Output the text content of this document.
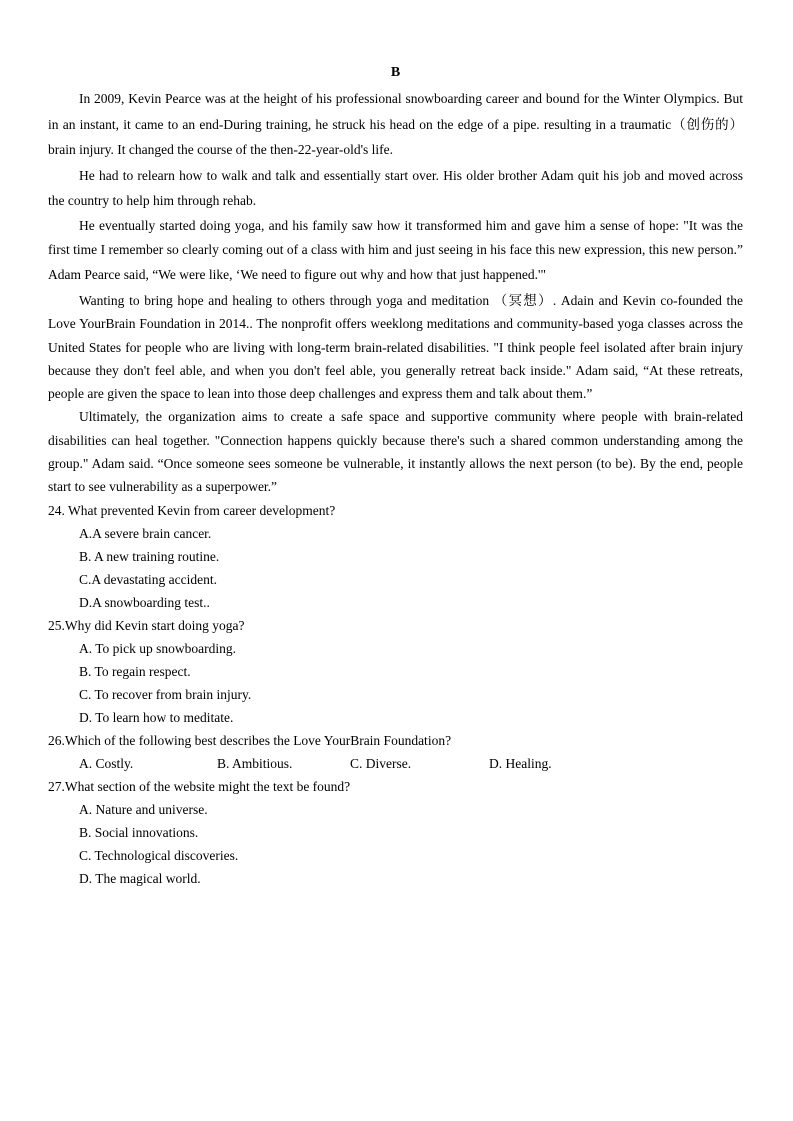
B

In 2009, Kevin Pearce was at the height of his professional snowboarding career and bound for the Winter Olympics. But in an instant, it came to an end-During training, he struck his head on the edge of a pipe. resulting in a traumatic（创伤的）brain injury. It changed the course of the then-22-year-old's life.

He had to relearn how to walk and talk and essentially start over. His older brother Adam quit his job and moved across the country to help him through rehab.

He eventually started doing yoga, and his family saw how it transformed him and gave him a sense of hope: "It was the first time I remember so clearly coming out of a class with him and just seeing in his face this new expression, this new person.” Adam Pearce said, “We were like, ‘We need to figure out why and how that just happened.'"

Wanting to bring hope and healing to others through yoga and meditation （冥想）. Adain and Kevin co-founded the Love YourBrain Foundation in 2014.. The nonprofit offers weeklong meditations and community-based yoga classes across the United States for people who are living with long-term brain-related disabilities. "I think people feel isolated after brain injury because they don't feel able, and when you don't feel able, you generally retreat back inside." Adam said, “At these retreats, people are given the space to lean into those deep challenges and express them and talk about them.”

Ultimately, the organization aims to create a safe space and supportive community where people with brain-related disabilities can heal together. "Connection happens quickly because there's such a shared common understanding among the group." Adam said. “Once someone sees someone be vulnerable, it instantly allows the next person (to be). By the end, people start to see vulnerability as a superpower.”

24. What prevented Kevin from career development?

A.A severe brain cancer.

B. A new training routine.

C.A devastating accident.

D.A snowboarding test..

25.Why did Kevin start doing yoga?

A. To pick up snowboarding.

B. To regain respect.

C. To recover from brain injury.

D. To learn how to meditate.

26.Which of the following best describes the Love YourBrain Foundation?

A. Costly.	B. Ambitious.	C. Diverse.	D. Healing.

27.What section of the website might the text be found?

A. Nature and universe.

B. Social innovations.

C. Technological discoveries.

D. The magical world.
